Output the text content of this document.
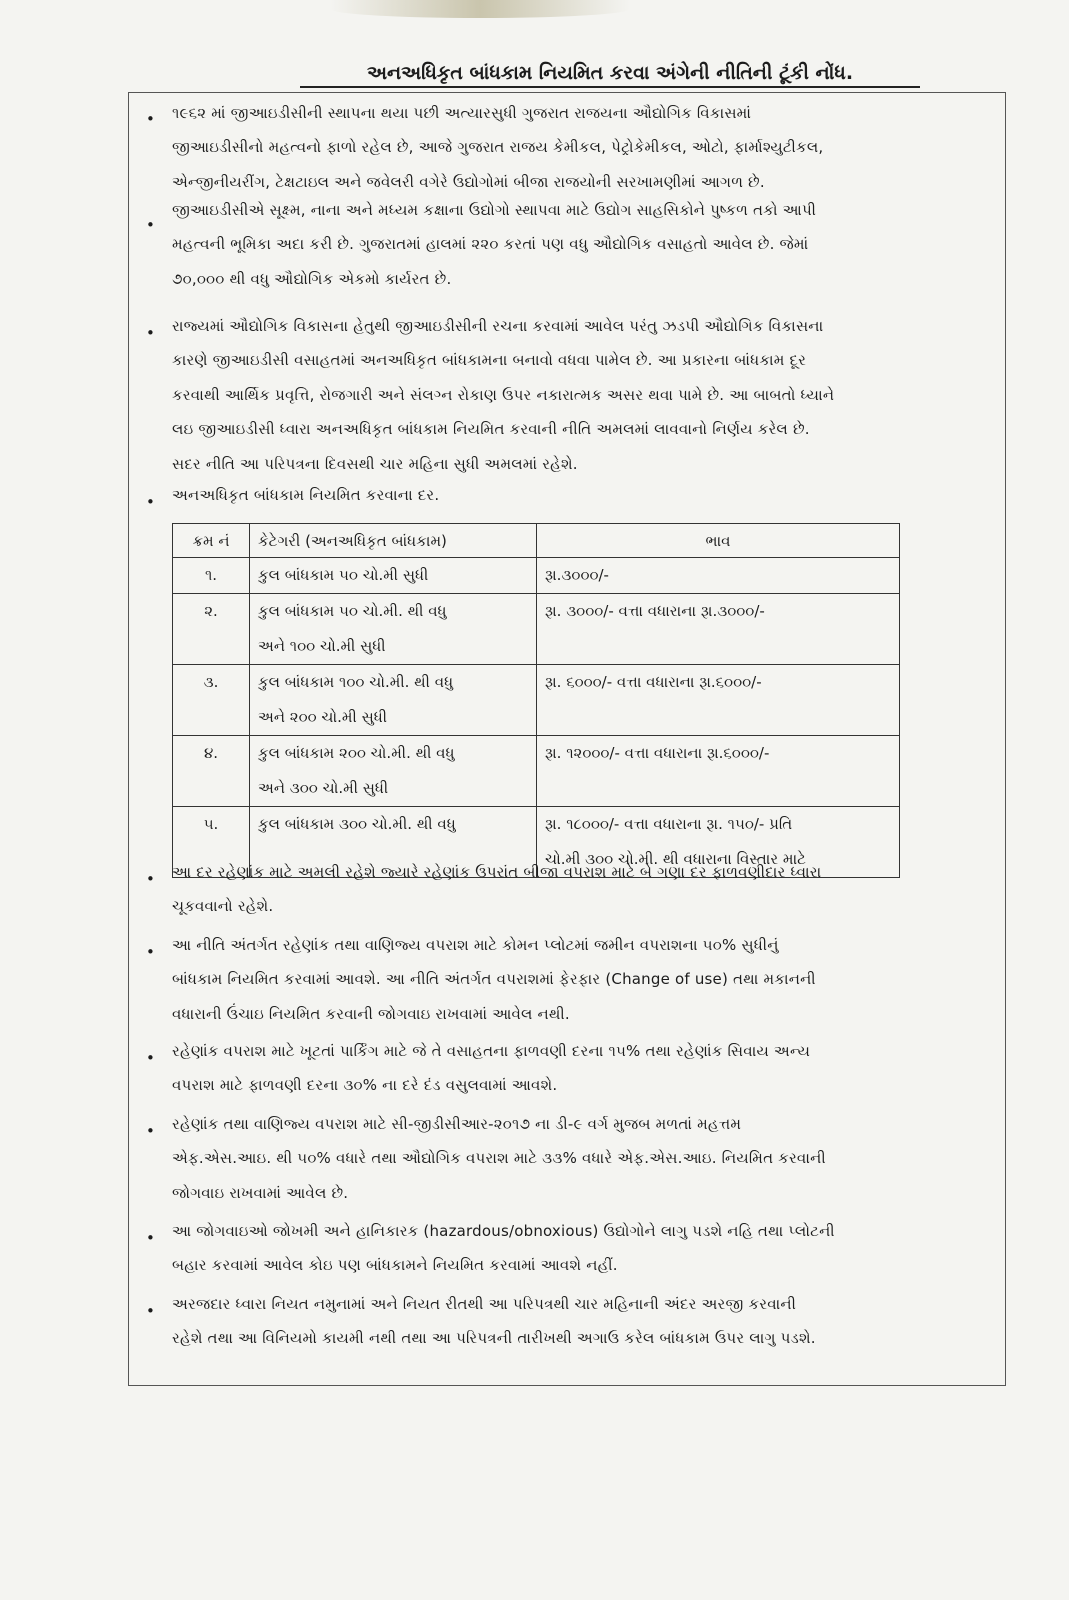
અનઅધિકૃત બાંધકામ નિયમિત કરવા અંગેની નીતિની ટૂંકી નોંધ.
• ૧૯૬૨ માં જીઆઇડીસીની સ્થાપના થયા પછી અત્યારસુધી ગુજરાત રાજયના ઔદ્યોગિક વિકાસમાં
જીઆઇડીસીનો મહત્વનો ફાળો રહેલ છે, આજે ગુજરાત રાજય કેમીકલ, પેટ્રોકેમીકલ, ઓટો, ફાર્માશ્યુટીકલ,
એન્જીનીયરીંગ, ટેક્ષટાઇલ અને જવેલરી વગેરે ઉદ્યોગોમાં બીજા રાજયોની સરખામણીમાં આગળ છે.
•
જીઆઇડીસીએ સૂક્ષ્મ, નાના અને મધ્યમ કક્ષાના ઉદ્યોગો સ્થાપવા માટે ઉદ્યોગ સાહસિકોને પુષ્કળ તકો આપી
મહત્વની ભૂમિકા અદા કરી છે. ગુજરાતમાં હાલમાં ૨૨૦ કરતાં પણ વધુ ઔદ્યોગિક વસાહતો આવેલ છે. જેમાં
૭૦,૦૦૦ થી વધુ ઔદ્યોગિક એકમો કાર્યરત છે.
• રાજ્યમાં ઔદ્યોગિક વિકાસના હેતુથી જીઆઇડીસીની રચના કરવામાં આવેલ પરંતુ ઝડપી ઔદ્યોગિક વિકાસના
કારણે જીઆઇડીસી વસાહતમાં અનઅધિકૃત બાંધકામના બનાવો વધવા પામેલ છે. આ પ્રકારના બાંધકામ દૂર
કરવાથી આર્થિક પ્રવૃત્તિ, રોજગારી અને સંલગ્ન રોકાણ ઉપર નકારાત્મક અસર થવા પામે છે. આ બાબતો ધ્યાને
લઇ જીઆઇડીસી ધ્વારા અનઅધિકૃત બાંધકામ નિયમિત કરવાની નીતિ અમલમાં લાવવાનો નિર્ણય કરેલ છે.
સદર નીતિ આ પરિપત્રના દિવસથી ચાર મહિના સુધી અમલમાં રહેશે.
• અનઅધિકૃત બાંધકામ નિયમિત કરવાના દર.
ક્રમ નં	કેટેગરી (અનઅધિકૃત બાંધકામ)	ભાવ

૧.	કુલ બાંધકામ ૫૦ ચો.મી સુધી	રૂા.૩૦૦૦/-

૨.	કુલ બાંધકામ ૫૦ ચો.મી. થી વધુ
અને ૧૦૦ ચો.મી સુધી	રૂા. ૩૦૦૦/- વત્તા વધારાના રૂા.૩૦૦૦/-

૩.	કુલ બાંધકામ ૧૦૦ ચો.મી. થી વધુ
અને ૨૦૦ ચો.મી સુધી	રૂા. ૬૦૦૦/- વત્તા વધારાના રૂા.૬૦૦૦/-

૪.	કુલ બાંધકામ ૨૦૦ ચો.મી. થી વધુ
અને ૩૦૦ ચો.મી સુધી	રૂા. ૧૨૦૦૦/- વત્તા વધારાના રૂા.૬૦૦૦/-

૫.	કુલ બાંધકામ ૩૦૦ ચો.મી. થી વધુ	રૂા. ૧૮૦૦૦/- વત્તા વધારાના રૂા. ૧૫૦/- પ્રતિ
ચો.મી ૩૦૦ ચો.મી. થી વધારાના વિસ્તાર માટે
• આ દર રહેણાંક માટે અમલી રહેશે જ્યારે રહેણાંક ઉપરાંત બીજા વપરાશ માટે બે ગણા દર ફાળવણીદાર ધ્વારા
ચૂકવવાનો રહેશે.
• આ નીતિ અંતર્ગત રહેણાંક તથા વાણિજ્ય વપરાશ માટે કોમન પ્લોટમાં જમીન વપરાશના ૫૦% સુધીનું
બાંધકામ નિયમિત કરવામાં આવશે. આ નીતિ અંતર્ગત વપરાશમાં ફેરફાર (Change of use) તથા મકાનની
વધારાની ઉંચાઇ નિયમિત કરવાની જોગવાઇ રાખવામાં આવેલ નથી.
• રહેણાંક વપરાશ માટે ખૂટતાં પાર્કિંગ માટે જે તે વસાહતના ફાળવણી દરના ૧૫% તથા રહેણાંક સિવાય અન્ય
વપરાશ માટે ફાળવણી દરના ૩૦% ના દરે દંડ વસુલવામાં આવશે.
• રહેણાંક તથા વાણિજ્ય વપરાશ માટે સી-જીડીસીઆર-૨૦૧૭ ના ડી-૯ વર્ગ મુજબ મળતાં મહત્તમ
એફ.એસ.આઇ. થી ૫૦% વધારે તથા ઔદ્યોગિક વપરાશ માટે ૩૩% વધારે એફ.એસ.આઇ. નિયમિત કરવાની
જોગવાઇ રાખવામાં આવેલ છે.
• આ જોગવાઇઓ જોખમી અને હાનિકારક (hazardous/obnoxious) ઉદ્યોગોને લાગુ પડશે નહિ તથા પ્લોટની
બહાર કરવામાં આવેલ કોઇ પણ બાંધકામને નિયમિત કરવામાં આવશે નહીં.
• અરજદાર ધ્વારા નિયત નમુનામાં અને નિયત રીતથી આ પરિપત્રથી ચાર મહિનાની અંદર અરજી કરવાની
રહેશે તથા આ વિનિયમો કાયમી નથી તથા આ પરિપત્રની તારીખથી અગાઉ કરેલ બાંધકામ ઉપર લાગુ પડશે.
